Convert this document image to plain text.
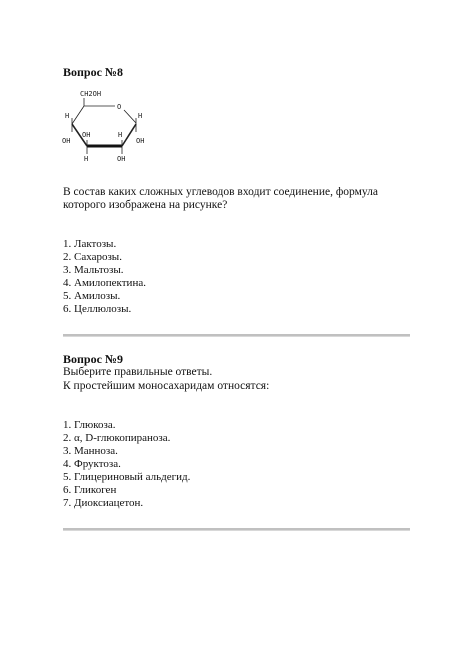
Вопрос №8
CH2OH
O
H	H
OH	H
OH	OH
H	OH
В состав каких сложных углеводов входит соединение, формула
которого изображена на рисунке?
1. Лактозы.
2. Сахарозы.
3. Мальтозы.
4. Амилопектина.
5. Амилозы.
6. Целлюлозы.
Вопрос №9
Выберите правильные ответы.
К простейшим моносахаридам относятся:
1. Глюкоза.
2. α, D-глюкопираноза.
3. Манноза.
4. Фруктоза.
5. Глицериновый альдегид.
6. Гликоген
7. Диоксиацетон.
